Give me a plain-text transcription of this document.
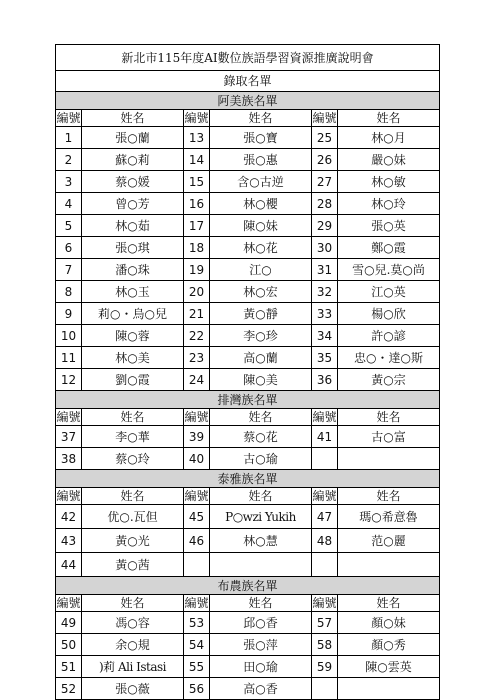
新北市115年度AI數位族語學習資源推廣說明會					
錄取名單					
阿美族名單					
編號	姓名	編號	姓名	編號	姓名
1	張○蘭	13	張○寶	25	林○月
2	蘇○莉	14	張○惠	26	嚴○妹
3	蔡○媛	15	含○古逆	27	林○敏
4	曾○芳	16	林○櫻	28	林○玲
5	林○茹	17	陳○妹	29	張○英
6	張○琪	18	林○花	30	鄭○霞
7	潘○珠	19	江○	31	雪○兒.莫○尚
8	林○玉	20	林○宏	32	江○英
9	莉○・烏○兒	21	黃○靜	33	楊○欣
10	陳○蓉	22	李○珍	34	許○諺
11	林○美	23	高○蘭	35	忠○・達○斯
12	劉○霞	24	陳○美	36	黃○宗
排灣族名單					
編號	姓名	編號	姓名	編號	姓名
37	李○華	39	蔡○花	41	古○富
38	蔡○玲	40	古○瑜		
泰雅族名單					
編號	姓名	編號	姓名	編號	姓名
42	优○.瓦但	45	P○wzi Yukih	47	瑪○希意魯
43	黃○光	46	林○慧	48	范○麗
44	黃○茜				
布農族名單					
編號	姓名	編號	姓名	編號	姓名
49	馮○容	53	邱○香	57	顏○妹
50	余○規	54	張○萍	58	顏○秀
51	)莉 Ali Istasi	55	田○瑜	59	陳○雲英
52	張○薇	56	高○香		
